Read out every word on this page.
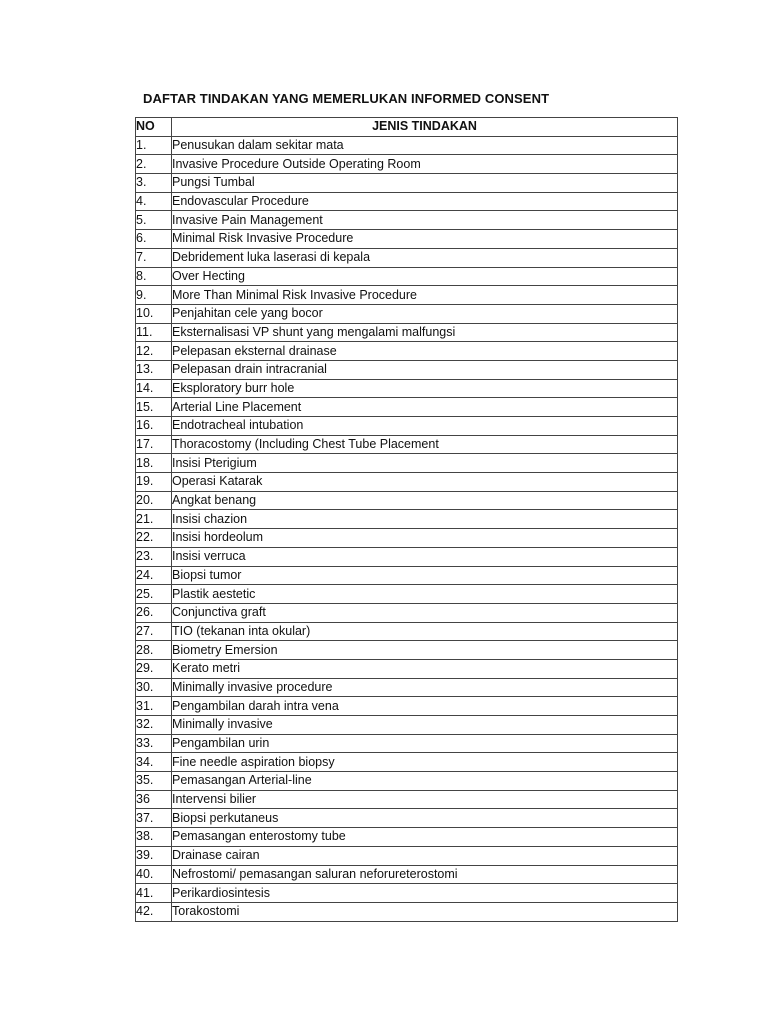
DAFTAR TINDAKAN YANG MEMERLUKAN INFORMED CONSENT
NO	JENIS TINDAKAN
1.	Penusukan dalam sekitar mata
2.	Invasive Procedure Outside Operating Room
3.	Pungsi Tumbal
4.	Endovascular Procedure
5.	Invasive Pain Management
6.	Minimal Risk Invasive Procedure
7.	Debridement luka laserasi di kepala
8.	Over Hecting
9.	More Than Minimal Risk Invasive Procedure
10.	Penjahitan cele yang bocor
11.	Eksternalisasi VP shunt yang mengalami malfungsi
12.	Pelepasan eksternal drainase
13.	Pelepasan drain intracranial
14.	Eksploratory burr hole
15.	Arterial Line Placement
16.	Endotracheal intubation
17.	Thoracostomy (Including Chest Tube Placement
18.	Insisi Pterigium
19.	Operasi Katarak
20.	Angkat benang
21.	Insisi chazion
22.	Insisi hordeolum
23.	Insisi verruca
24.	Biopsi tumor
25.	Plastik aestetic
26.	Conjunctiva graft
27.	TIO (tekanan inta okular)
28.	Biometry Emersion
29.	Kerato metri
30.	Minimally invasive procedure
31.	Pengambilan darah intra vena
32.	Minimally invasive
33.	Pengambilan urin
34.	Fine needle aspiration biopsy
35.	Pemasangan Arterial-line
36	Intervensi bilier
37.	Biopsi perkutaneus
38.	Pemasangan enterostomy tube
39.	Drainase cairan
40.	Nefrostomi/ pemasangan saluran neforureterostomi
41.	Perikardiosintesis
42.	Torakostomi
